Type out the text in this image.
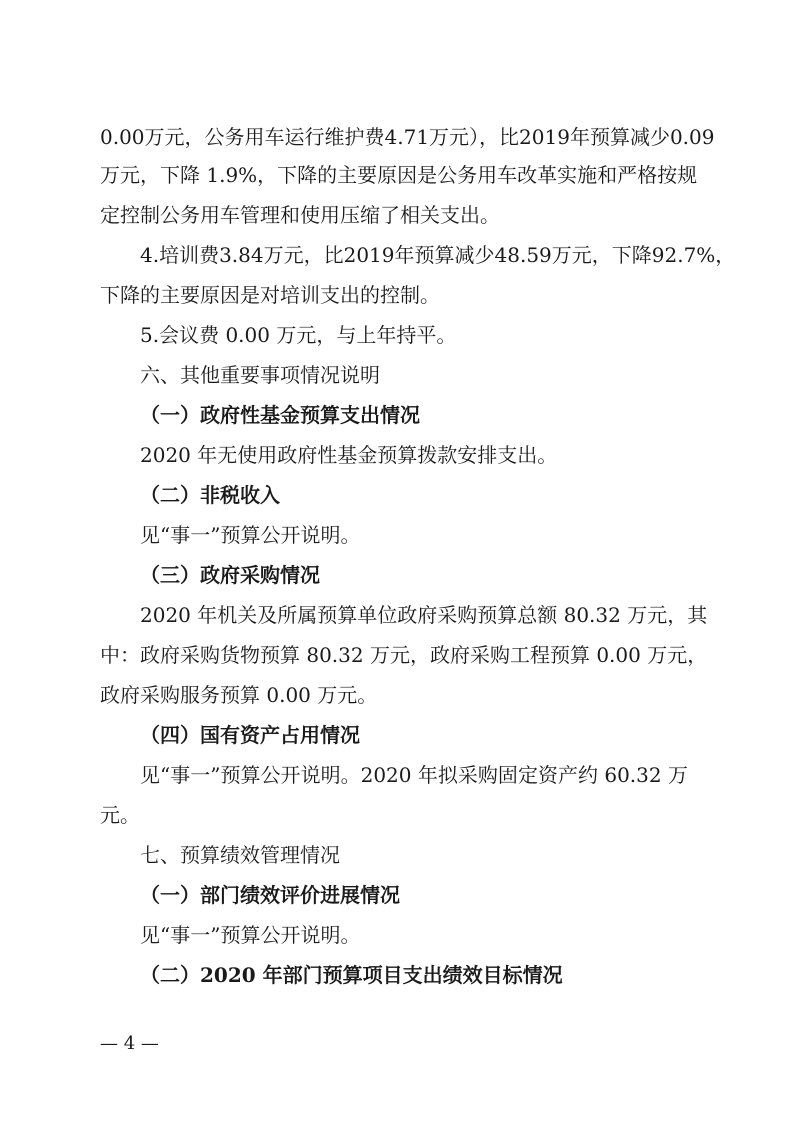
0.00万元，公务用车运行维护费4.71万元），比2019年预算减少0.09
万元，下降 1.9%，下降的主要原因是公务用车改革实施和严格按规
定控制公务用车管理和使用压缩了相关支出。
4.培训费3.84万元，比2019年预算减少48.59万元，下降92.7%，
下降的主要原因是对培训支出的控制。
5.会议费 0.00 万元，与上年持平。
六、其他重要事项情况说明
（一）政府性基金预算支出情况
2020 年无使用政府性基金预算拨款安排支出。
（二）非税收入
见“事一”预算公开说明。
（三）政府采购情况
2020 年机关及所属预算单位政府采购预算总额 80.32 万元，其
中：政府采购货物预算 80.32 万元，政府采购工程预算 0.00 万元，
政府采购服务预算 0.00 万元。
（四）国有资产占用情况
见“事一”预算公开说明。2020 年拟采购固定资产约 60.32 万
元。
七、预算绩效管理情况
（一）部门绩效评价进展情况
见“事一”预算公开说明。
（二）2020 年部门预算项目支出绩效目标情况
— 4 —
